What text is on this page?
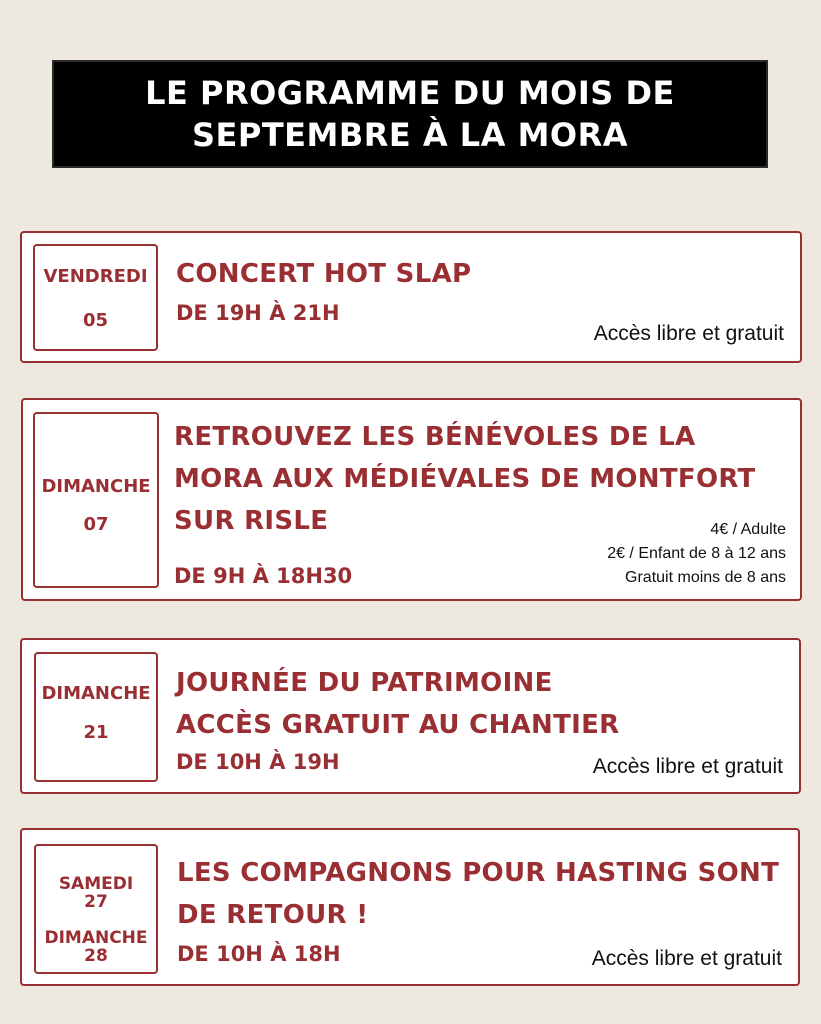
LE PROGRAMME DU MOIS DE
SEPTEMBRE À LA MORA
VENDREDI
05
CONCERT HOT SLAP
DE 19H À 21H
Accès libre et gratuit
DIMANCHE
07
RETROUVEZ LES BÉNÉVOLES DE LA
MORA AUX MÉDIÉVALES DE MONTFORT
SUR RISLE
DE 9H À 18H30
4€ / Adulte
2€ / Enfant de 8 à 12 ans
Gratuit moins de 8 ans
DIMANCHE
21
JOURNÉE DU PATRIMOINE
ACCÈS GRATUIT AU CHANTIER
DE 10H À 19H	Accès libre et gratuit
SAMEDI
27
DIMANCHE
28
LES COMPAGNONS POUR HASTING SONT
DE RETOUR !
DE 10H À 18H	Accès libre et gratuit
